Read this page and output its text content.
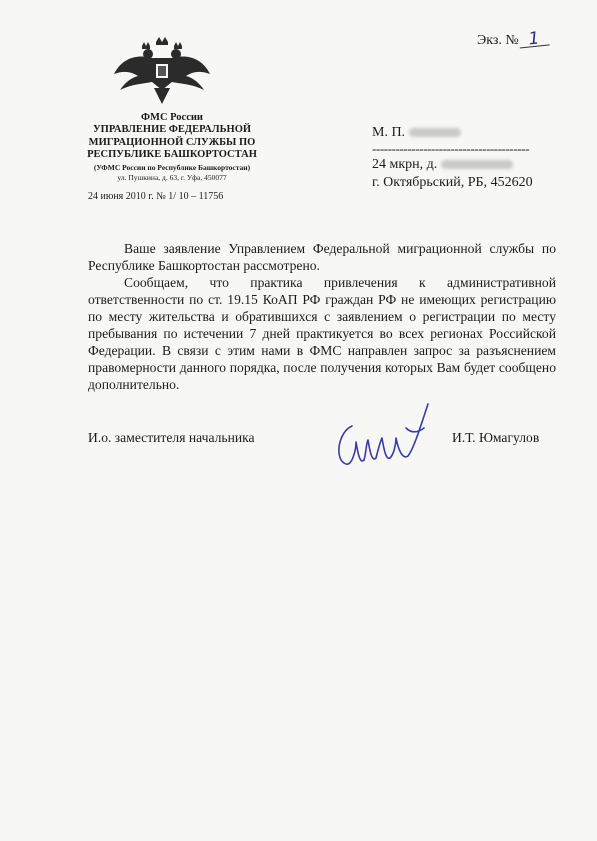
Экз. № 1
ФМС России
УПРАВЛЕНИЕ ФЕДЕРАЛЬНОЙ
МИГРАЦИОННОЙ СЛУЖБЫ ПО
РЕСПУБЛИКЕ БАШКОРТОСТАН
(УФМС России по Республике Башкортостан)
ул. Пушкина, д. 63, г. Уфа, 450077
24 июня 2010 г. № 1/ 10 – 11756
М. П.
----------------------------------------
24 мкрн, д.
г. Октябрьский, РБ, 452620

Ваше заявление Управлением Федеральной миграционной службы по Республике Башкортостан рассмотрено.

Сообщаем, что практика привлечения к административной ответственности по ст. 19.15 КоАП РФ граждан РФ не имеющих регистрацию по месту жительства и обратившихся с заявлением о регистрации по месту пребывания по истечении 7 дней практикуется во всех регионах Российской Федерации. В связи с этим нами в ФМС направлен запрос за разъяснением правомерности данного порядка, после получения которых Вам будет сообщено дополнительно.

И.о. заместителя начальника	И.Т. Юмагулов
